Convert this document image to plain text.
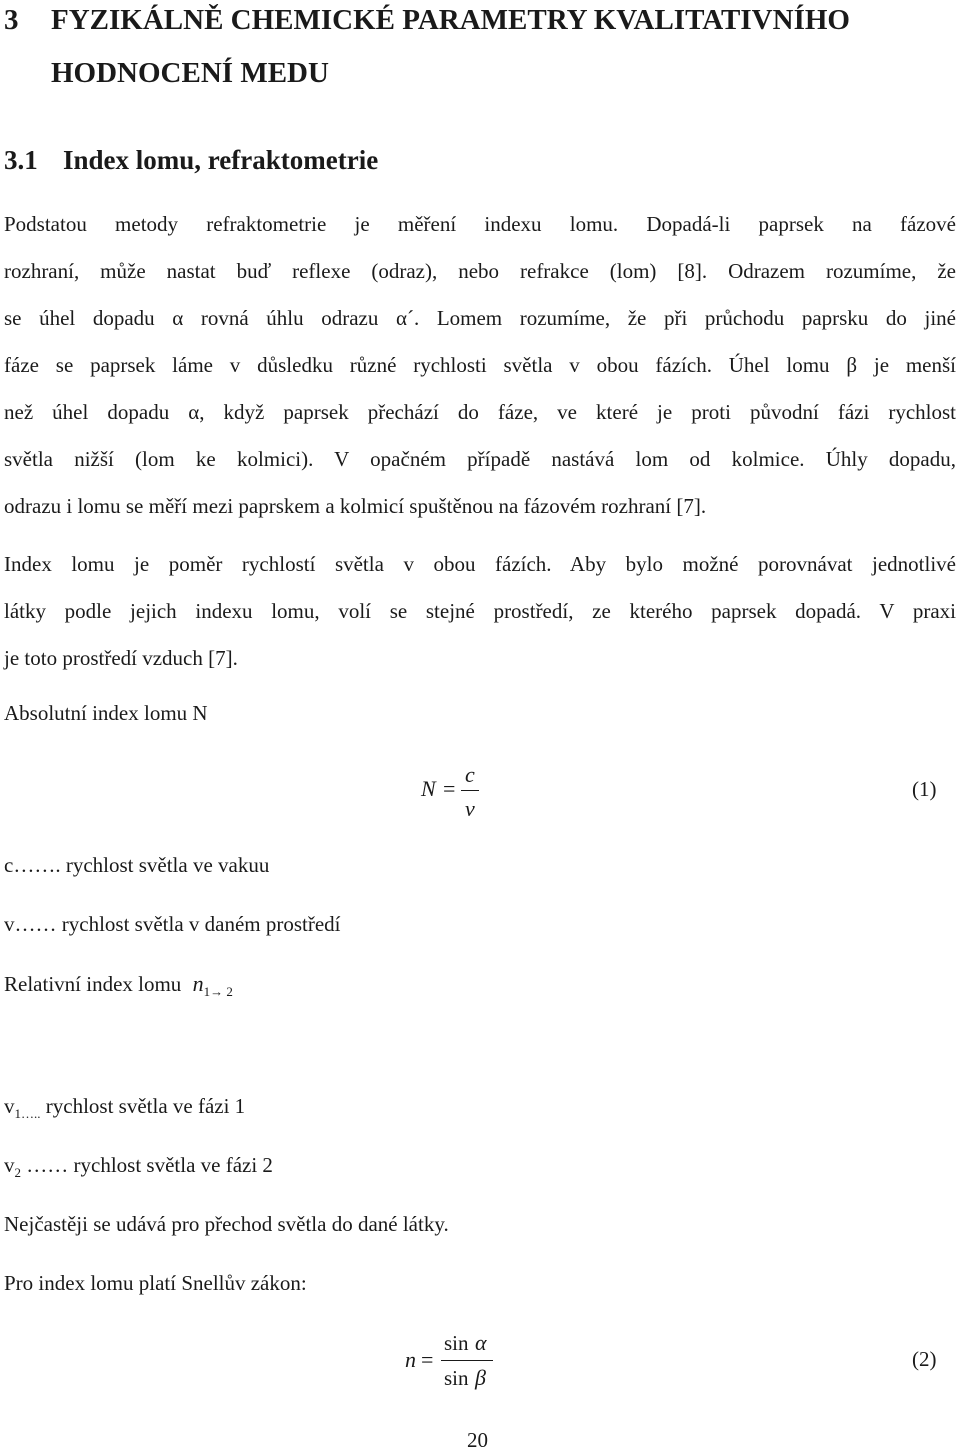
3 FYZIKÁLNĚ CHEMICKÉ PARAMETRY KVALITATIVNÍHO
HODNOCENÍ MEDU
3.1 Index lomu, refraktometrie
Podstatou metody refraktometrie je měření indexu lomu. Dopadá-li paprsek na fázové
rozhraní, může nastat buď reflexe (odraz), nebo refrakce (lom) [8]. Odrazem rozumíme, že
se úhel dopadu α rovná úhlu odrazu α´. Lomem rozumíme, že při průchodu paprsku do jiné
fáze se paprsek láme v důsledku různé rychlosti světla v obou fázích. Úhel lomu β je menší
než úhel dopadu α, když paprsek přechází do fáze, ve které je proti původní fázi rychlost
světla nižší (lom ke kolmici). V opačném případě nastává lom od kolmice. Úhly dopadu,
odrazu i lomu se měří mezi paprskem a kolmicí spuštěnou na fázovém rozhraní [7].
Index lomu je poměr rychlostí světla v obou fázích. Aby bylo možné porovnávat jednotlivé
látky podle jejich indexu lomu, volí se stejné prostředí, ze kterého paprsek dopadá. V praxi
je toto prostředí vzduch [7].
Absolutní index lomu N
N =
c
v
(1)
c……. rychlost světla ve vakuu
v…… rychlost světla v daném prostředí
Relativní index lomu $n_{1\to 2}$
$v_{1\dots..}$ rychlost světla ve fázi 1
$v_2$ …… rychlost světla ve fázi 2
Nejčastěji se udává pro přechod světla do dané látky.
Pro index lomu platí Snellův zákon:
n =
sin α
sin β
(2)
20
